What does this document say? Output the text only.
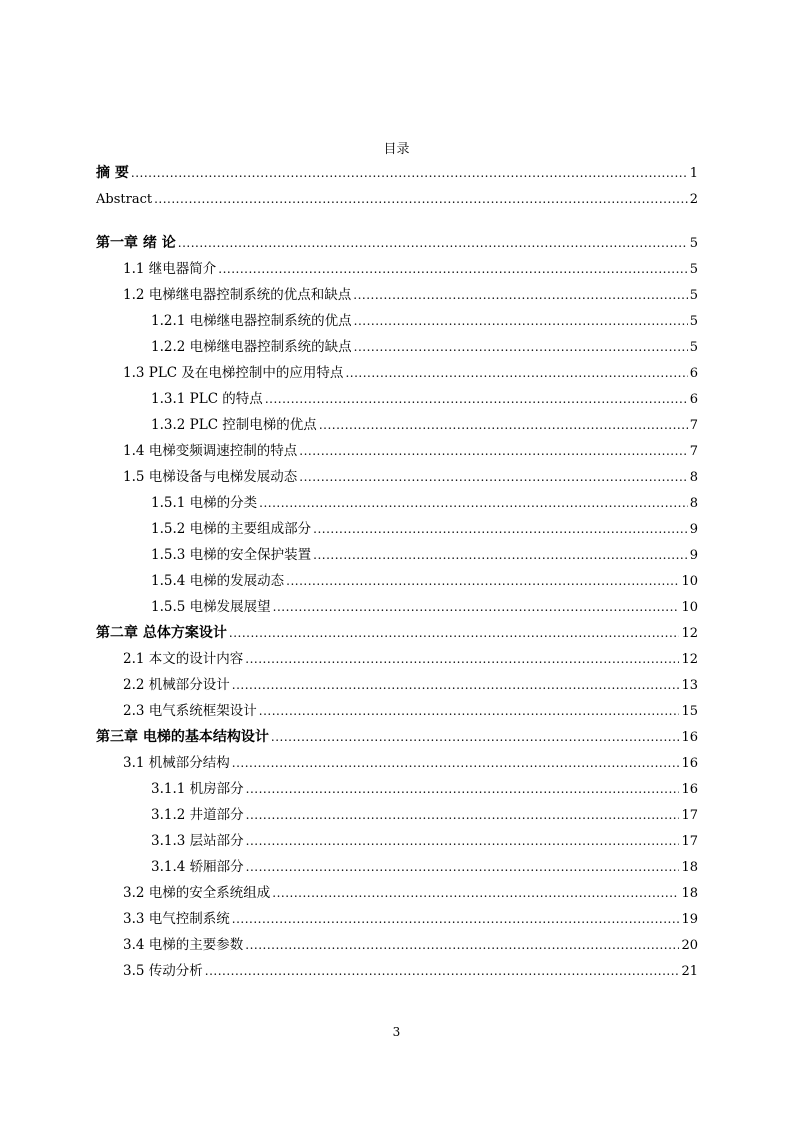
目录
摘 要 .....	1
Abstract .....	2
第一章 绪 论 .....	5
1.1 继电器简介 .....	5
1.2 电梯继电器控制系统的优点和缺点 .....	5
1.2.1 电梯继电器控制系统的优点 .....	5
1.2.2 电梯继电器控制系统的缺点 .....	5
1.3 PLC 及在电梯控制中的应用特点 .....	6
1.3.1 PLC 的特点 .....	6
1.3.2 PLC 控制电梯的优点 .....	7
1.4 电梯变频调速控制的特点 .....	7
1.5 电梯设备与电梯发展动态 .....	8
1.5.1 电梯的分类 .....	8
1.5.2 电梯的主要组成部分 .....	9
1.5.3 电梯的安全保护装置 .....	9
1.5.4 电梯的发展动态 .....	10
1.5.5 电梯发展展望 .....	10
第二章 总体方案设计 .....	12
2.1 本文的设计内容 .....	12
2.2 机械部分设计 .....	13
2.3 电气系统框架设计 .....	15
第三章 电梯的基本结构设计 .....	16
3.1 机械部分结构 .....	16
3.1.1 机房部分 .....	16
3.1.2 井道部分 .....	17
3.1.3 层站部分 .....	17
3.1.4 轿厢部分 .....	18
3.2 电梯的安全系统组成 .....	18
3.3 电气控制系统 .....	19
3.4 电梯的主要参数 .....	20
3.5 传动分析 .....	21
3
